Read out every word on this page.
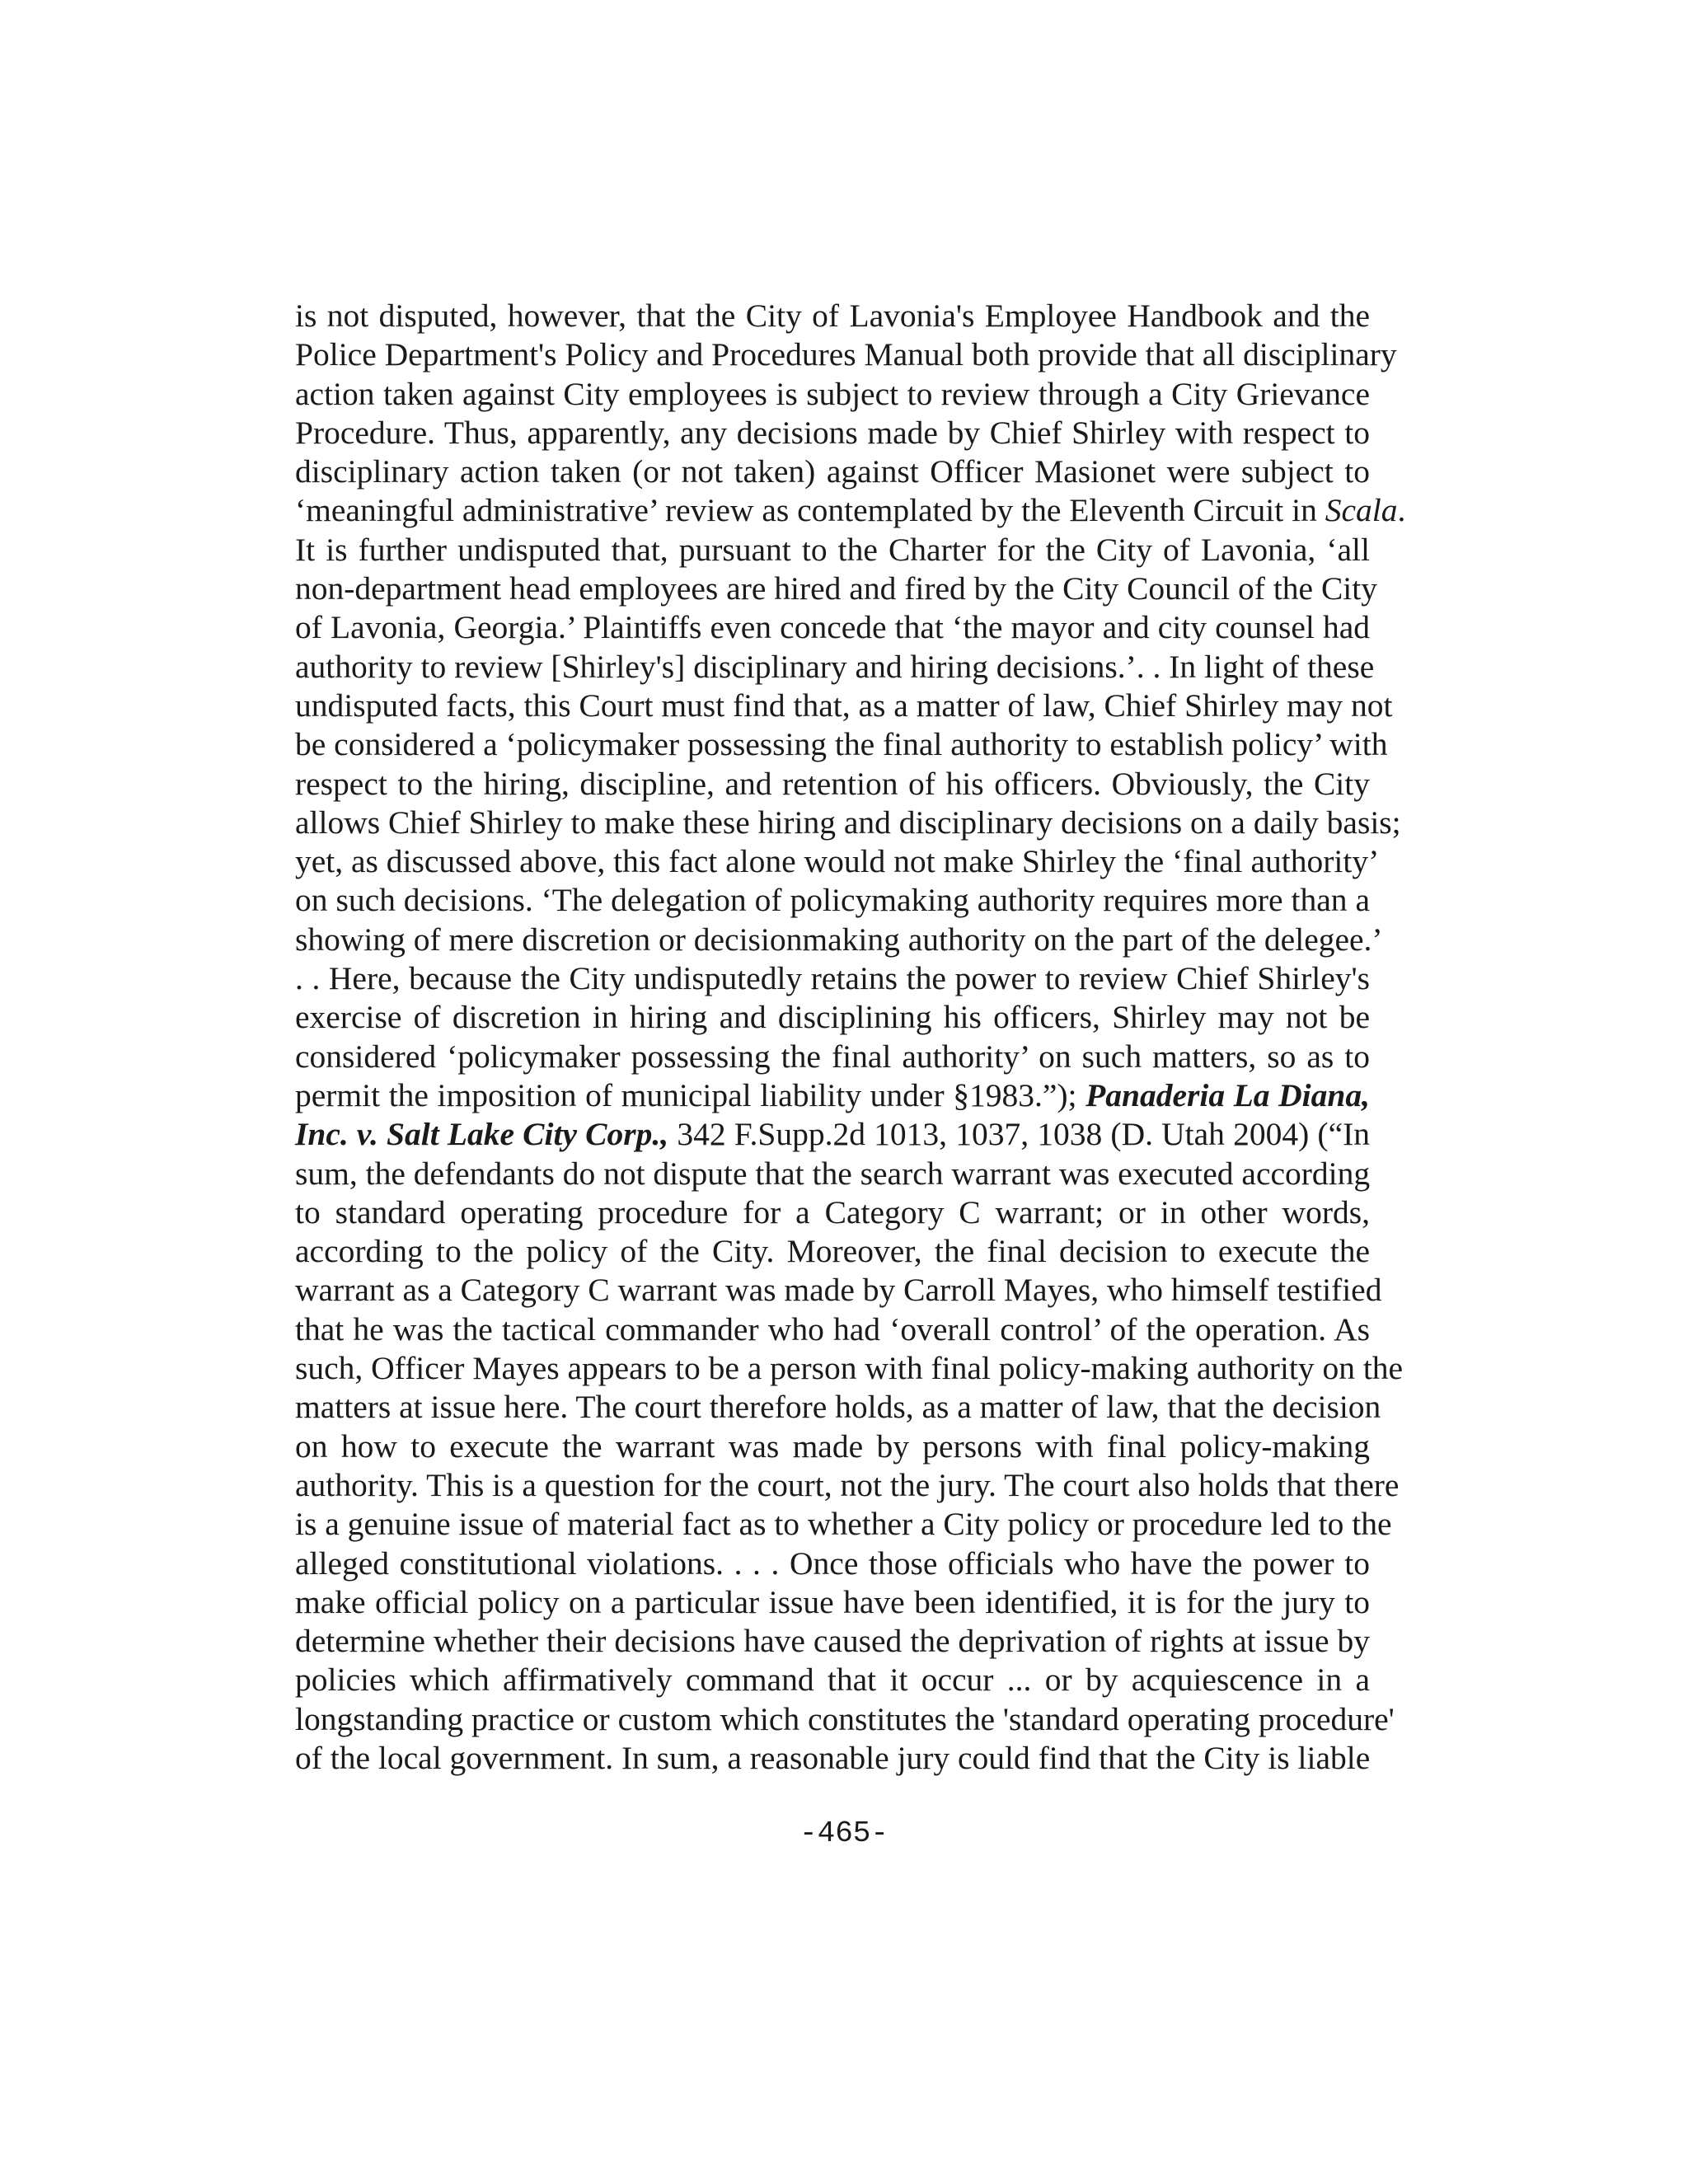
is not disputed, however, that the City of Lavonia's Employee Handbook and the
Police Department's Policy and Procedures Manual both provide that all disciplinary
action taken against City employees is subject to review through a City Grievance
Procedure. Thus, apparently, any decisions made by Chief Shirley with respect to
disciplinary action taken (or not taken) against Officer Masionet were subject to
‘meaningful administrative’ review as contemplated by the Eleventh Circuit in Scala.
It is further undisputed that, pursuant to the Charter for the City of Lavonia, ‘all
non-department head employees are hired and fired by the City Council of the City
of Lavonia, Georgia.’ Plaintiffs even concede that ‘the mayor and city counsel had
authority to review [Shirley's] disciplinary and hiring decisions.’. . In light of these
undisputed facts, this Court must find that, as a matter of law, Chief Shirley may not
be considered a ‘policymaker possessing the final authority to establish policy’ with
respect to the hiring, discipline, and retention of his officers. Obviously, the City
allows Chief Shirley to make these hiring and disciplinary decisions on a daily basis;
yet, as discussed above, this fact alone would not make Shirley the ‘final authority’
on such decisions. ‘The delegation of policymaking authority requires more than a
showing of mere discretion or decisionmaking authority on the part of the delegee.’
. . Here, because the City undisputedly retains the power to review Chief Shirley's
exercise of discretion in hiring and disciplining his officers, Shirley may not be
considered ‘policymaker possessing the final authority’ on such matters, so as to
permit the imposition of municipal liability under §1983.”); Panaderia La Diana,
Inc. v. Salt Lake City Corp., 342 F.Supp.2d 1013, 1037, 1038 (D. Utah 2004) (“In
sum, the defendants do not dispute that the search warrant was executed according
to standard operating procedure for a Category C warrant; or in other words,
according to the policy of the City. Moreover, the final decision to execute the
warrant as a Category C warrant was made by Carroll Mayes, who himself testified
that he was the tactical commander who had ‘overall control’ of the operation. As
such, Officer Mayes appears to be a person with final policy-making authority on the
matters at issue here. The court therefore holds, as a matter of law, that the decision
on how to execute the warrant was made by persons with final policy-making
authority. This is a question for the court, not the jury. The court also holds that there
is a genuine issue of material fact as to whether a City policy or procedure led to the
alleged constitutional violations. . . . Once those officials who have the power to
make official policy on a particular issue have been identified, it is for the jury to
determine whether their decisions have caused the deprivation of rights at issue by
policies which affirmatively command that it occur ... or by acquiescence in a
longstanding practice or custom which constitutes the 'standard operating procedure'
of the local government. In sum, a reasonable jury could find that the City is liable
-465-
